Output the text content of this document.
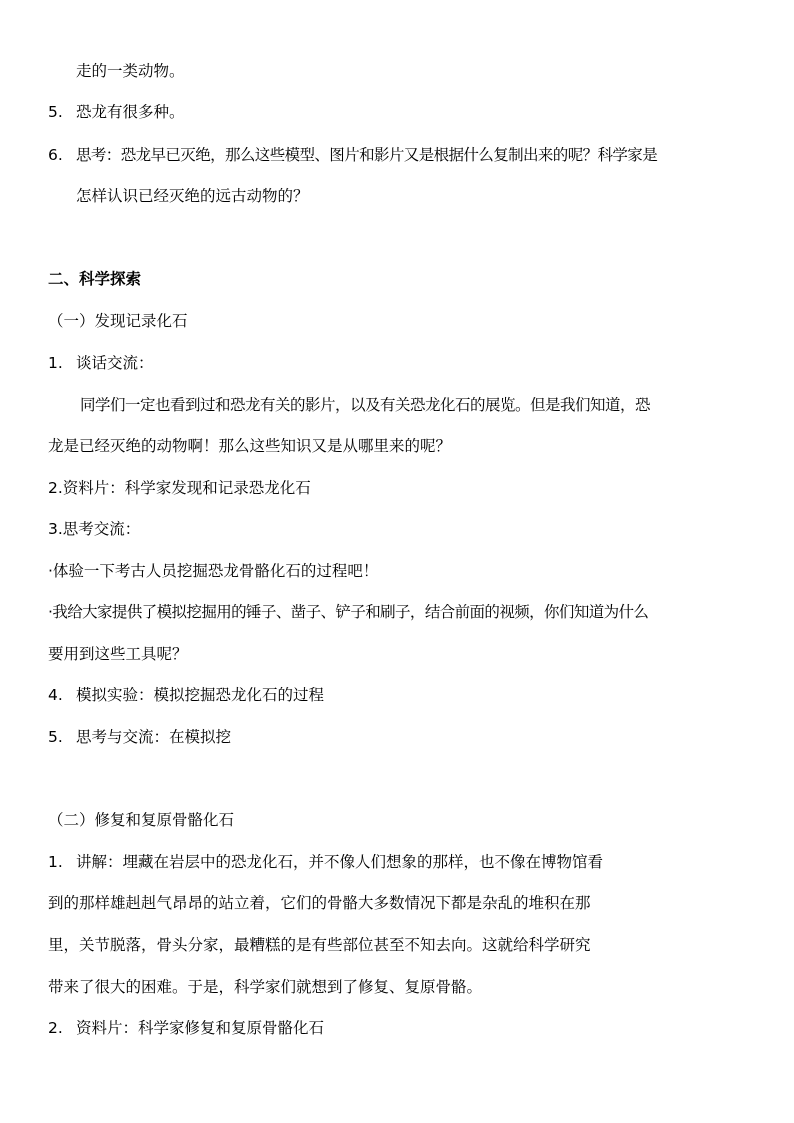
走的一类动物。
5. 恐龙有很多种。
6. 思考：恐龙早已灭绝，那么这些模型、图片和影片又是根据什么复制出来的呢？科学家是
怎样认识已经灭绝的远古动物的？
二、科学探索
（一）发现记录化石
1. 谈话交流：
同学们一定也看到过和恐龙有关的影片，以及有关恐龙化石的展览。但是我们知道，恐
龙是已经灭绝的动物啊！那么这些知识又是从哪里来的呢？
2.资料片：科学家发现和记录恐龙化石
3.思考交流：
·体验一下考古人员挖掘恐龙骨骼化石的过程吧！
·我给大家提供了模拟挖掘用的锤子、凿子、铲子和刷子，结合前面的视频，你们知道为什么
要用到这些工具呢？
4. 模拟实验：模拟挖掘恐龙化石的过程
5. 思考与交流：在模拟挖
（二）修复和复原骨骼化石
1. 讲解：埋藏在岩层中的恐龙化石，并不像人们想象的那样，也不像在博物馆看
到的那样雄赳赳气昂昂的站立着，它们的骨骼大多数情况下都是杂乱的堆积在那
里，关节脱落，骨头分家，最糟糕的是有些部位甚至不知去向。这就给科学研究
带来了很大的困难。于是，科学家们就想到了修复、复原骨骼。
2. 资料片：科学家修复和复原骨骼化石
